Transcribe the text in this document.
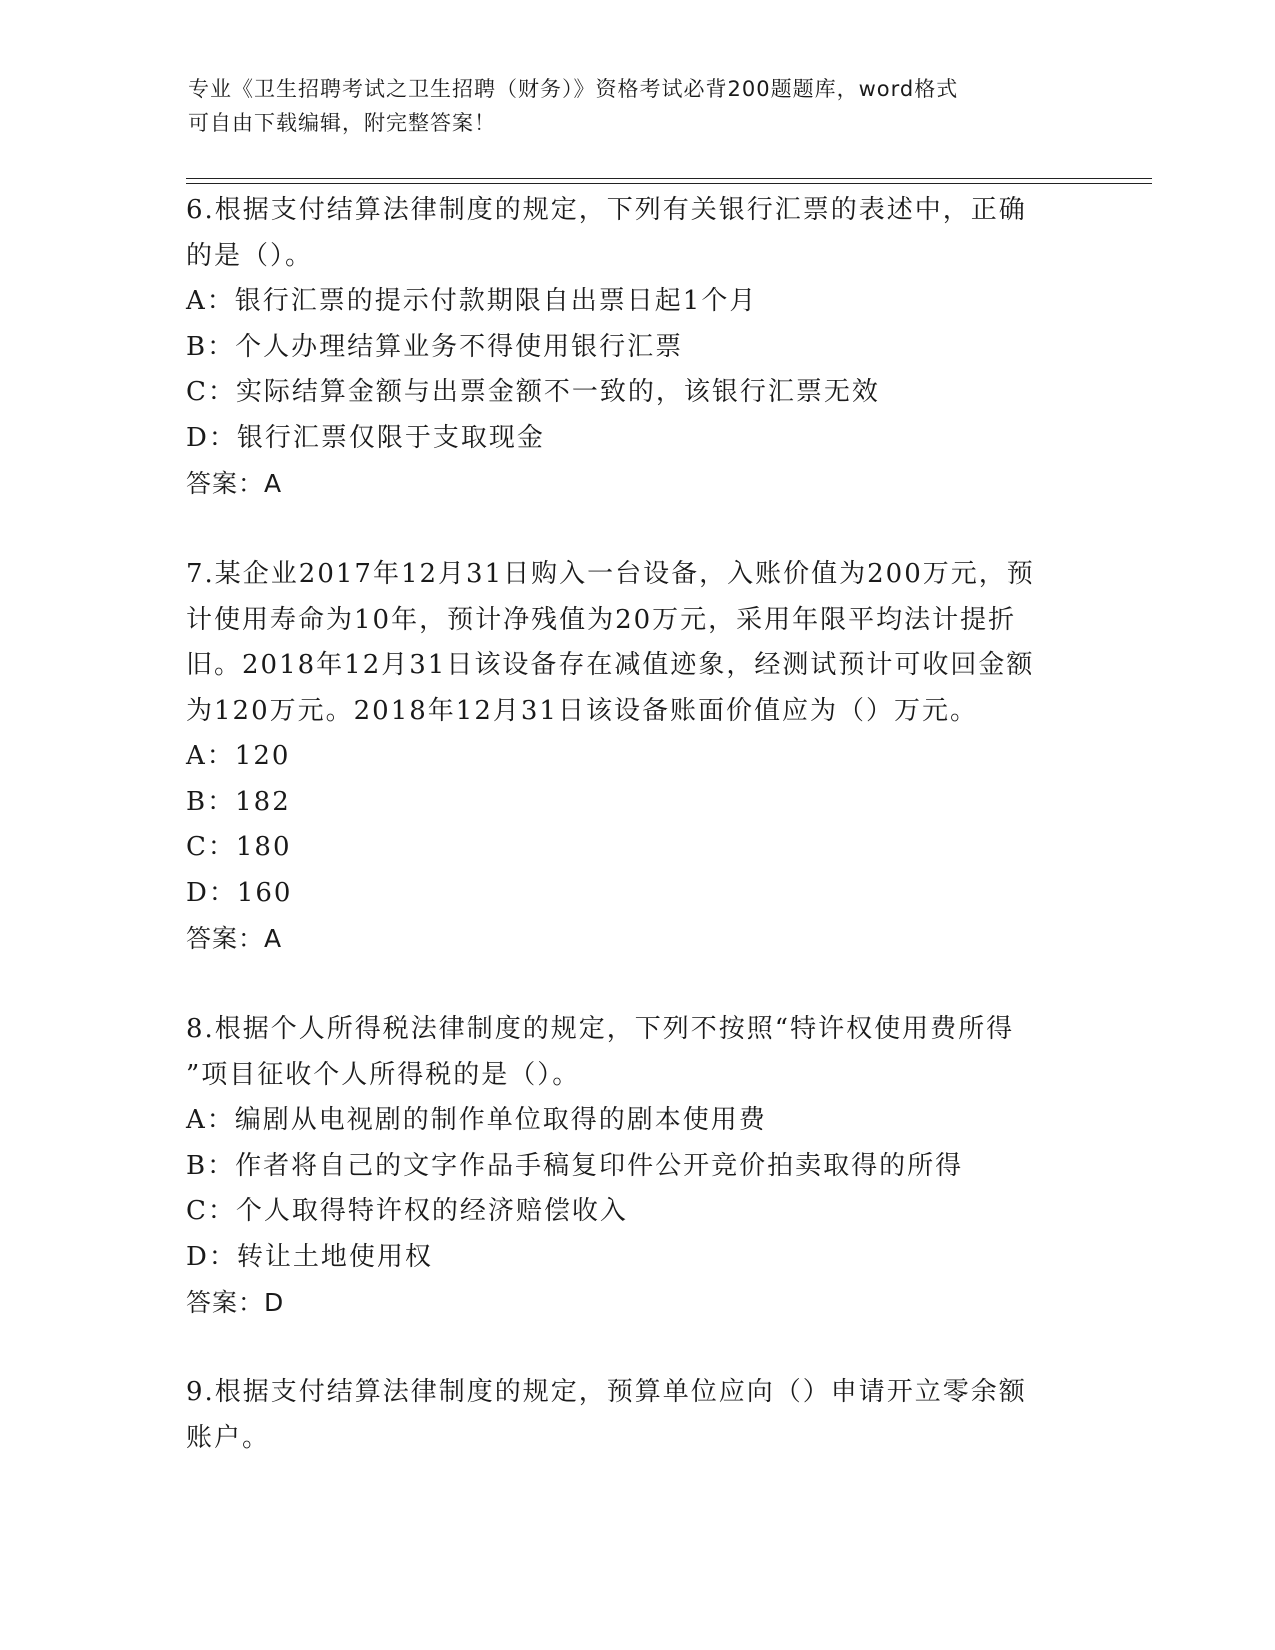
专业《卫生招聘考试之卫生招聘（财务）》资格考试必背200题题库，word格式
可自由下载编辑，附完整答案！

6.根据支付结算法律制度的规定，下列有关银行汇票的表述中，正确
的是（）。

A：银行汇票的提示付款期限自出票日起1个月

B：个人办理结算业务不得使用银行汇票

C：实际结算金额与出票金额不一致的，该银行汇票无效

D：银行汇票仅限于支取现金

答案：A

7.某企业2017年12月31日购入一台设备，入账价值为200万元，预
计使用寿命为10年，预计净残值为20万元，采用年限平均法计提折
旧。2018年12月31日该设备存在减值迹象，经测试预计可收回金额
为120万元。2018年12月31日该设备账面价值应为（）万元。

A：120

B：182

C：180

D：160

答案：A

8.根据个人所得税法律制度的规定，下列不按照“特许权使用费所得
”项目征收个人所得税的是（）。

A：编剧从电视剧的制作单位取得的剧本使用费

B：作者将自己的文字作品手稿复印件公开竞价拍卖取得的所得

C：个人取得特许权的经济赔偿收入

D：转让土地使用权

答案：D

9.根据支付结算法律制度的规定，预算单位应向（）申请开立零余额
账户。
